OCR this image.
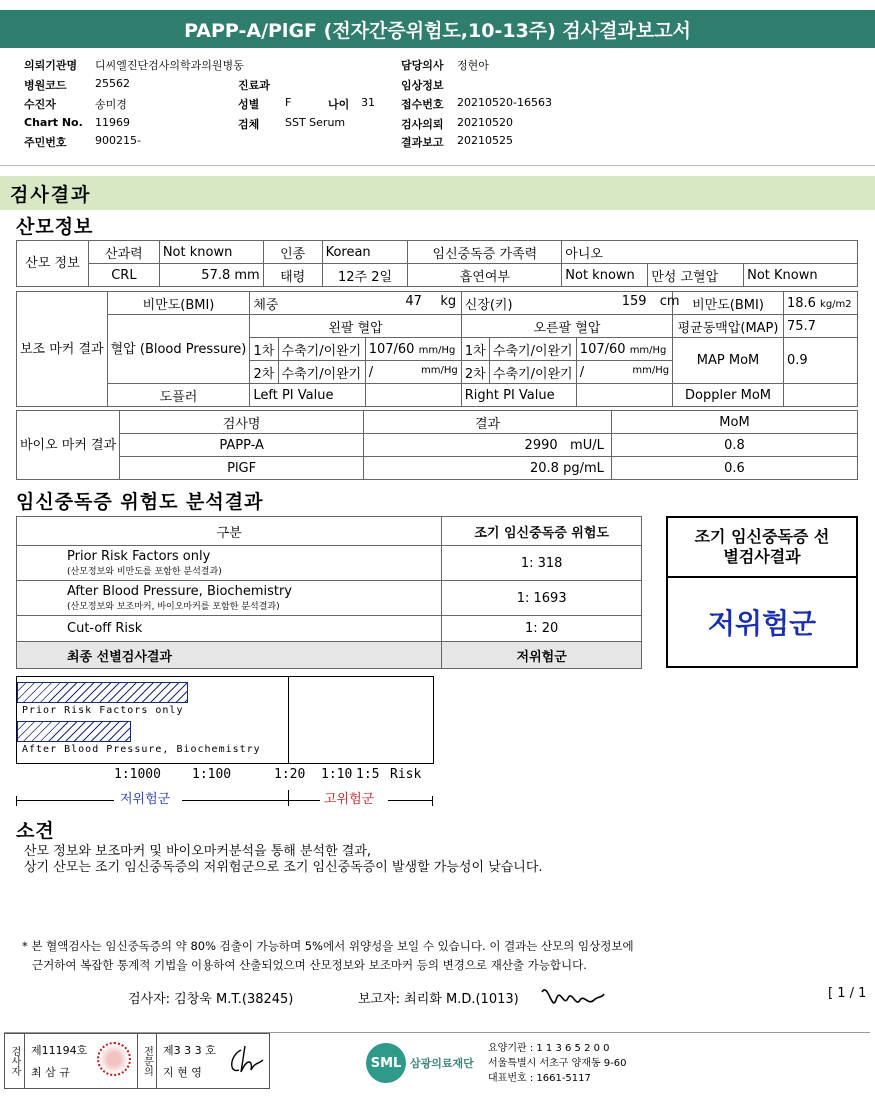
PAPP-A/PlGF (전자간증위험도,10-13주) 검사결과보고서
의뢰기관명 디씨엘진단검사의학과의원병동
병원코드	25562
수진자	송미경
Chart No. 11969
주민번호	900215-
진료과
성별 F	나이 31
검체 SST Serum
담당의사 정현아
임상정보
접수번호 20210520-16563
검사의뢰 20210520
결과보고 20210525
검사결과
산모정보
산모 정보	산과력	Not known	인종	Korean	임신중독증 가족력	아니오		
	CRL	57.8 mm	태령	12주 2일	흡연여부	Not known	만성 고혈압	Not Known
보조 마커 결과	비만도(BMI)	체중 47 kg			신장(키) 159 cm			비만도(BMI)	18.6 kg/m2
	혈압 (Blood Pressure)	왼팔 혈압			오른팔 혈압			평균동맥압(MAP)	75.7
		1차	수축기/이완기	107/60 mm/Hg	1차	수축기/이완기	107/60 mm/Hg	MAP MoM	0.9
		2차	수축기/이완기	/ mm/Hg	2차	수축기/이완기	/ mm/Hg		

	도플러	Left PI Value			Right PI Value			Doppler MoM	
바이오 마커 결과	검사명	결과	MoM
	PAPP-A	2990 mU/L	0.8
	PlGF	20.8 pg/mL	0.6
임신중독증 위험도 분석결과
구분	조기 임신중독증 위험도
Prior Risk Factors only
(산모정보와 비만도를 포함한 분석결과)	1: 318
After Blood Pressure, Biochemistry
(산모정보와 보조마커, 바이오마커를 포함한 분석결과)	1: 1693
Cut-off Risk	1: 20
최종 선별검사결과	저위험군
조기 임신중독증 선별검사결과
저위험군
Prior Risk Factors only
After Blood Pressure, Biochemistry
1:1000 1:100	1:20 1:10 1:5 Risk
저위험군	고위험군
소견
산모 정보와 보조마커 및 바이오마커분석을 통해 분석한 결과,
상기 산모는 조기 임신중독증의 저위험군으로 조기 임신중독증이 발생할 가능성이 낮습니다.
* 본 혈액검사는 임신중독증의 약 80% 검출이 가능하며 5%에서 위양성을 보일 수 있습니다. 이 결과는 산모의 임상정보에
근거하여 복잡한 통계적 기법을 이용하여 산출되었으며 산모정보와 보조마커 등의 변경으로 재산출 가능합니다.
검사자: 김창욱 M.T.(38245)	보고자: 최리화 M.D.(1013)	[ 1 / 1
검사자 제11194호
최 삼 규	전문의 제3 3 3 호
지 현 영
SML 삼광의료재단
요양기관 : 1 1 3 6 5 2 0 0
서울특별시 서초구 양재동 9-60
대표번호 : 1661-5117
